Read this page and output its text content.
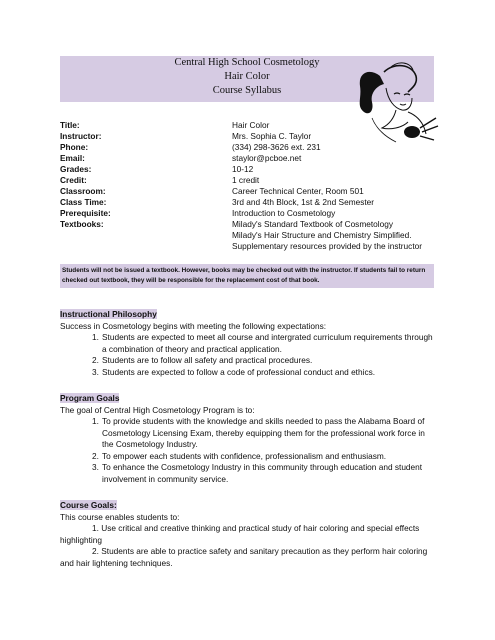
Central High School Cosmetology
Hair Color
Course Syllabus
Title:	Hair Color
Instructor:	Mrs. Sophia C. Taylor
Phone:	(334) 298-3626 ext. 231
Email:	staylor@pcboe.net
Grades:	10-12
Credit:	1 credit
Classroom:	Career Technical Center, Room 501
Class Time:	3rd and 4th Block, 1st & 2nd Semester
Prerequisite:	Introduction to Cosmetology
Textbooks:	Milady's Standard Textbook of Cosmetology
Milady's Hair Structure and Chemistry Simplified.
Supplementary resources provided by the instructor
Students will not be issued a textbook. However, books may be checked out with the instructor. If students fail to return checked out textbook, they will be responsible for the replacement cost of that book.
Instructional Philosophy
Success in Cosmetology begins with meeting the following expectations:
1. Students are expected to meet all course and intergrated curriculum requirements through a combination of theory and practical application.
2. Students are to follow all safety and practical procedures.
3. Students are expected to follow a code of professional conduct and ethics.
Program Goals
The goal of Central High Cosmetology Program is to:
1. To provide students with the knowledge and skills needed to pass the Alabama Board of Cosmetology Licensing Exam, thereby equipping them for the professional work force in the Cosmetology Industry.
2. To empower each students with confidence, professionalism and enthusiasm.
3. To enhance the Cosmetology Industry in this community through education and student involvement in community service.
Course Goals:
This course enables students to:
1. Use critical and creative thinking and practical study of hair coloring and special effects highlighting
2. Students are able to practice safety and sanitary precaution as they perform hair coloring and hair lightening techniques.
